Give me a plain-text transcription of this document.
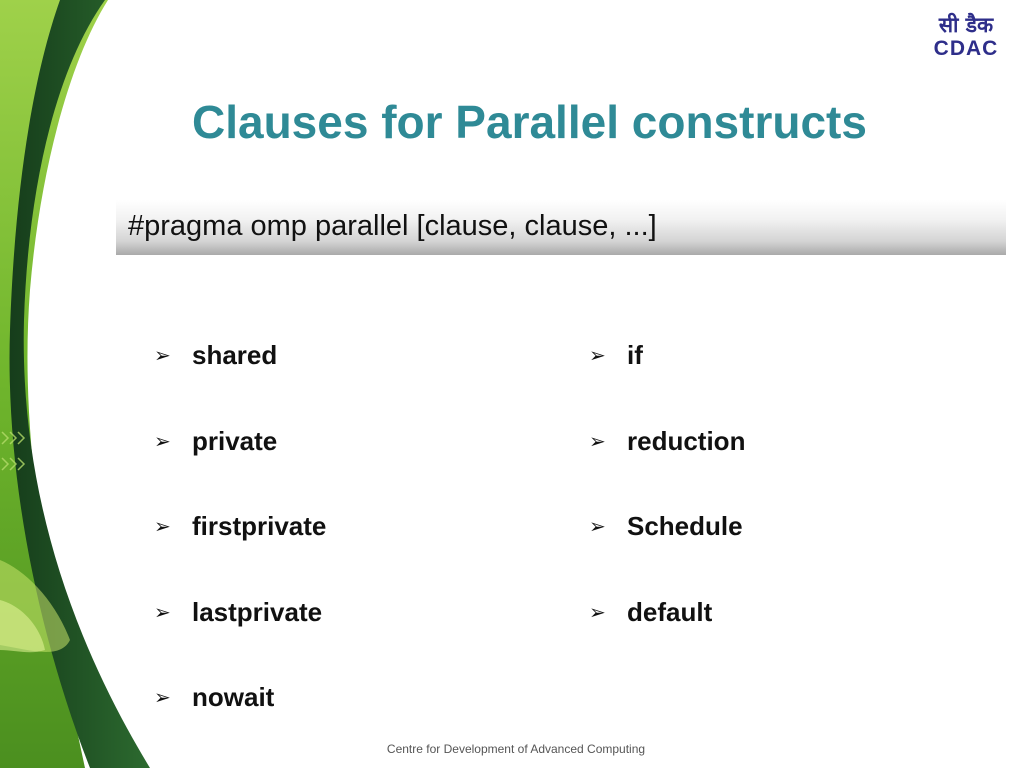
सी डैक
CDAC
Clauses for Parallel constructs
#pragma omp parallel [clause, clause, ...]
➢ shared
➢ private
➢ firstprivate
➢ lastprivate
➢ nowait
➢ if
➢ reduction
➢ Schedule
➢ default
Centre for Development of Advanced Computing
